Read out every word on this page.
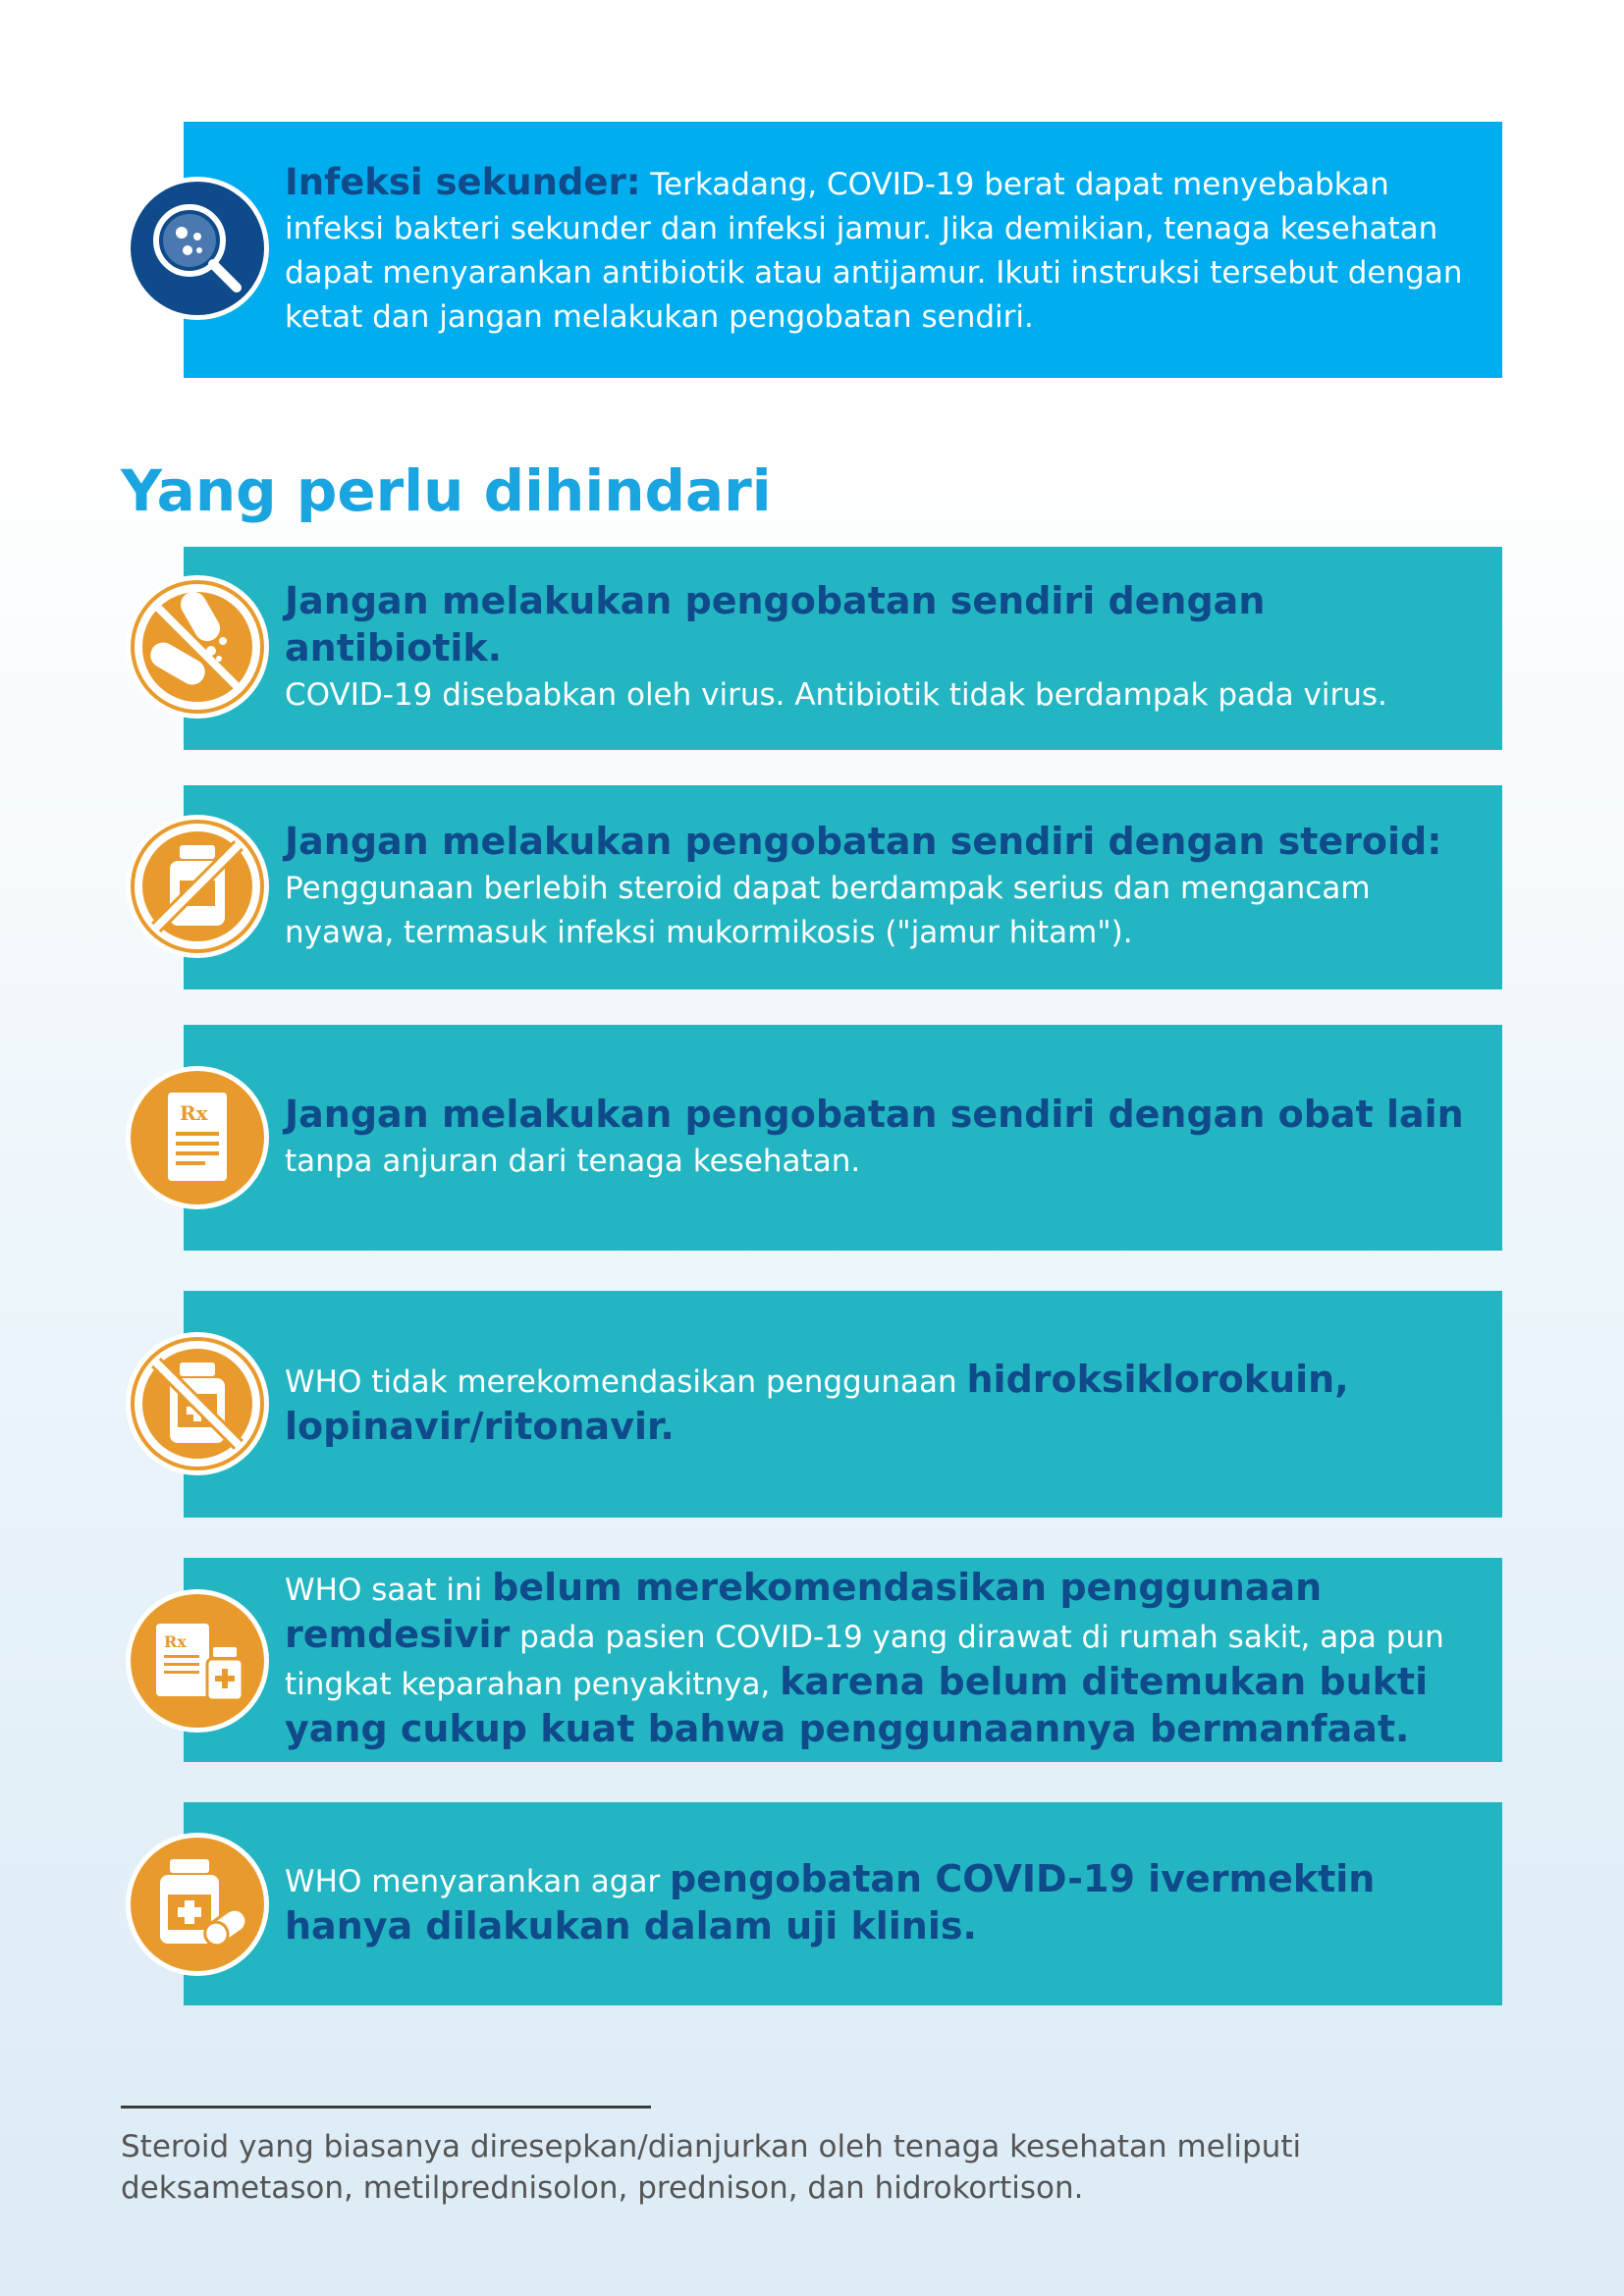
Infeksi sekunder: Terkadang, COVID-19 berat dapat menyebabkan infeksi bakteri sekunder dan infeksi jamur. Jika demikian, tenaga kesehatan dapat menyarankan antibiotik atau antijamur. Ikuti instruksi tersebut dengan ketat dan jangan melakukan pengobatan sendiri.

Yang perlu dihindari

Jangan melakukan pengobatan sendiri dengan antibiotik.
COVID-19 disebabkan oleh virus. Antibiotik tidak berdampak pada virus.

Jangan melakukan pengobatan sendiri dengan steroid:
Penggunaan berlebih steroid dapat berdampak serius dan mengancam nyawa, termasuk infeksi mukormikosis ("jamur hitam").

Jangan melakukan pengobatan sendiri dengan obat lain tanpa anjuran dari tenaga kesehatan.

Rx

WHO tidak merekomendasikan penggunaan hidroksiklorokuin, lopinavir/ritonavir.

WHO saat ini belum merekomendasikan penggunaan remdesivir pada pasien COVID-19 yang dirawat di rumah sakit, apa pun tingkat keparahan penyakitnya, karena belum ditemukan bukti yang cukup kuat bahwa penggunaannya bermanfaat.

Rx

WHO menyarankan agar pengobatan COVID-19 ivermektin hanya dilakukan dalam uji klinis.

Steroid yang biasanya diresepkan/dianjurkan oleh tenaga kesehatan meliputi deksametason, metilprednisolon, prednison, dan hidrokortison.
